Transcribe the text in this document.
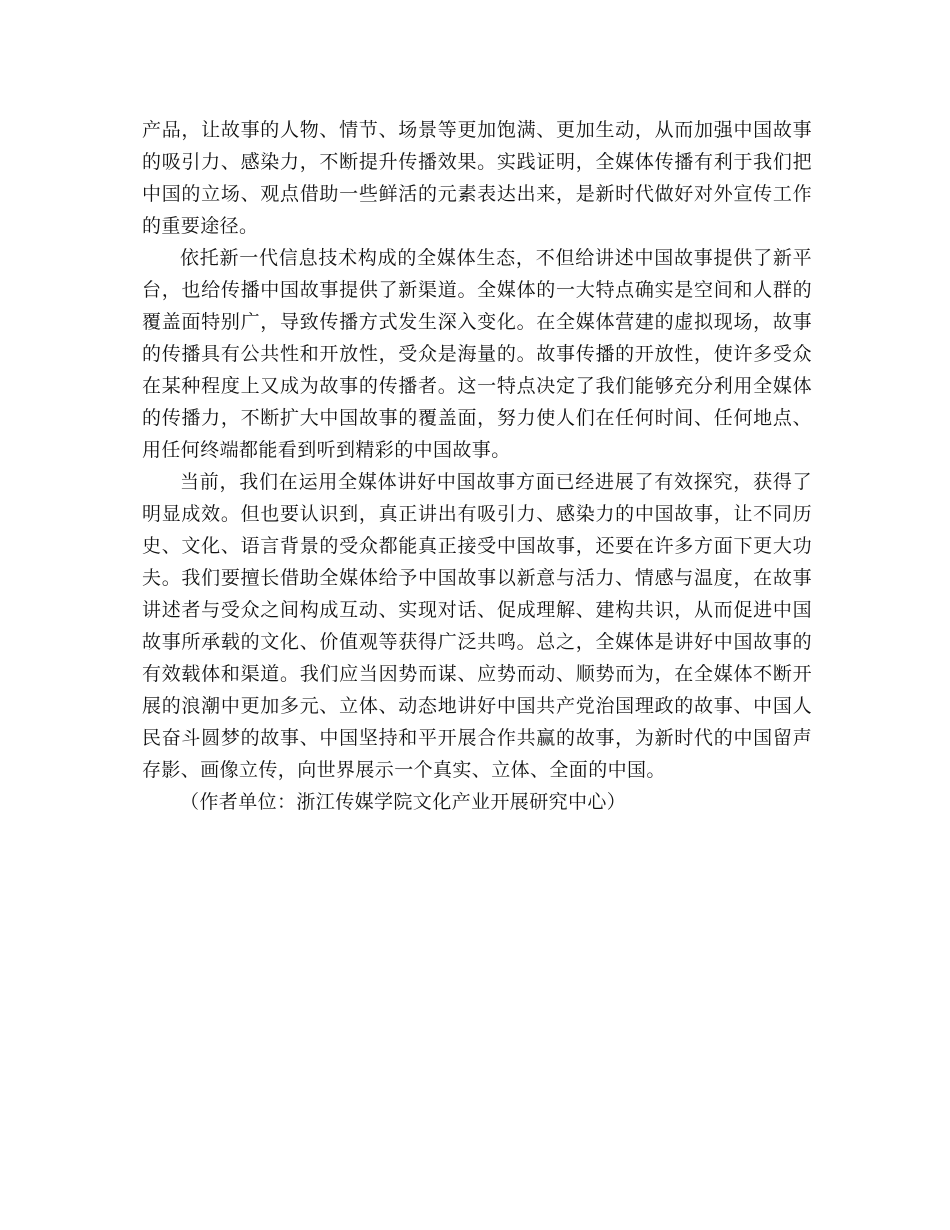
产品，让故事的人物、情节、场景等更加饱满、更加生动，从而加强中国故事的吸引力、感染力，不断提升传播效果。实践证明，全媒体传播有利于我们把中国的立场、观点借助一些鲜活的元素表达出来，是新时代做好对外宣传工作的重要途径。

依托新一代信息技术构成的全媒体生态，不但给讲述中国故事提供了新平台，也给传播中国故事提供了新渠道。全媒体的一大特点确实是空间和人群的覆盖面特别广，导致传播方式发生深入变化。在全媒体营建的虚拟现场，故事的传播具有公共性和开放性，受众是海量的。故事传播的开放性，使许多受众在某种程度上又成为故事的传播者。这一特点决定了我们能够充分利用全媒体的传播力，不断扩大中国故事的覆盖面，努力使人们在任何时间、任何地点、用任何终端都能看到听到精彩的中国故事。

当前，我们在运用全媒体讲好中国故事方面已经进展了有效探究，获得了明显成效。但也要认识到，真正讲出有吸引力、感染力的中国故事，让不同历史、文化、语言背景的受众都能真正接受中国故事，还要在许多方面下更大功夫。我们要擅长借助全媒体给予中国故事以新意与活力、情感与温度，在故事讲述者与受众之间构成互动、实现对话、促成理解、建构共识，从而促进中国故事所承载的文化、价值观等获得广泛共鸣。总之，全媒体是讲好中国故事的有效载体和渠道。我们应当因势而谋、应势而动、顺势而为，在全媒体不断开展的浪潮中更加多元、立体、动态地讲好中国共产党治国理政的故事、中国人民奋斗圆梦的故事、中国坚持和平开展合作共赢的故事，为新时代的中国留声存影、画像立传，向世界展示一个真实、立体、全面的中国。

（作者单位：浙江传媒学院文化产业开展研究中心）
